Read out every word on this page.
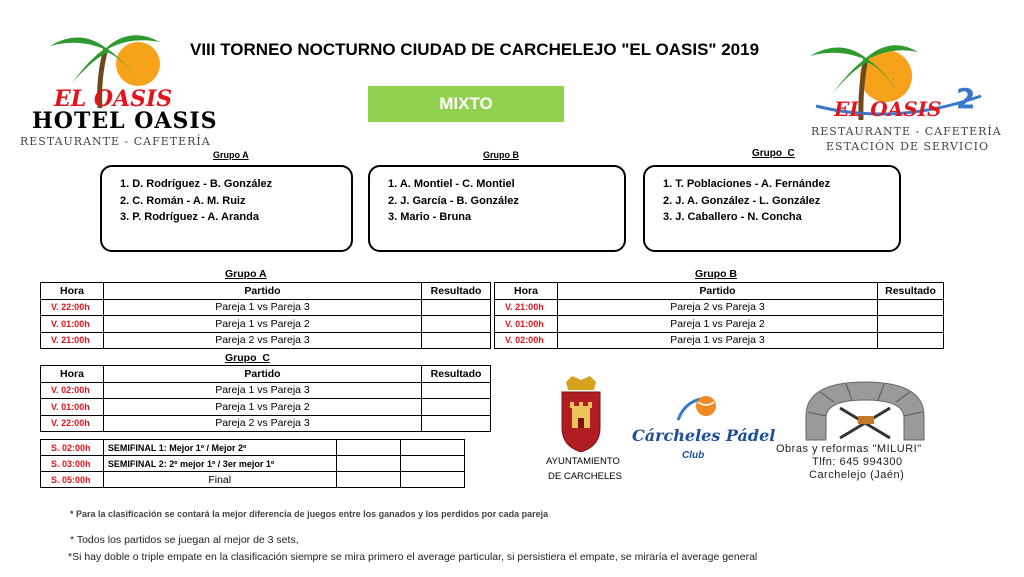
VIII TORNEO NOCTURNO CIUDAD DE CARCHELEJO "EL OASIS" 2019
MIXTO
EL OASIS
HOTEL OASIS
RESTAURANTE - CAFETERÍA
EL OASIS 2
RESTAURANTE - CAFETERÍA
ESTACIÓN DE SERVICIO
Grupo A
1. D. Rodríguez - B. González
2. C. Román - A. M. Ruiz
3. P. Rodríguez - A. Aranda
Grupo B
1. A. Montiel - C. Montiel
2. J. García - B. González
3. Mario - Bruna
Grupo  C
1. T. Poblaciones - A. Fernández
2. J. A. González - L. González
3. J. Caballero - N. Concha
Grupo A
Hora	Partido	Resultado
V. 22:00h	Pareja 1 vs Pareja 3	
V. 01:00h	Pareja 1 vs Pareja 2	
V. 21:00h	Pareja 2 vs Pareja 3	
Grupo B
Hora	Partido	Resultado
V. 21:00h	Pareja 2 vs Pareja 3	
V. 01:00h	Pareja 1 vs Pareja 2	
V. 02:00h	Pareja 1 vs Pareja 3	
Grupo  C
Hora	Partido	Resultado
V. 02:00h	Pareja 1 vs Pareja 3	
V. 01:00h	Pareja 1 vs Pareja 2	
V. 22:00h	Pareja 2 vs Pareja 3	
S. 02:00h	SEMIFINAL 1: Mejor 1º / Mejor 2º		
S. 03:00h	SEMIFINAL 2: 2º mejor 1º / 3er mejor 1º		
S. 05:00h	Final		
AYUNTAMIENTO
DE CARCHELES
Cárcheles Pádel
Club
Obras y reformas "MILURI"
Tlfn: 645 994300
Carchelejo (Jaén)
* Para la clasificación se contará la mejor diferencia de juegos entre los ganados y los perdidos por cada pareja
* Todos los partidos se juegan al mejor de 3 sets,
*Si hay doble o triple empate en la clasificación siempre se mira primero el average particular, si persistiera el empate, se miraría el average general
